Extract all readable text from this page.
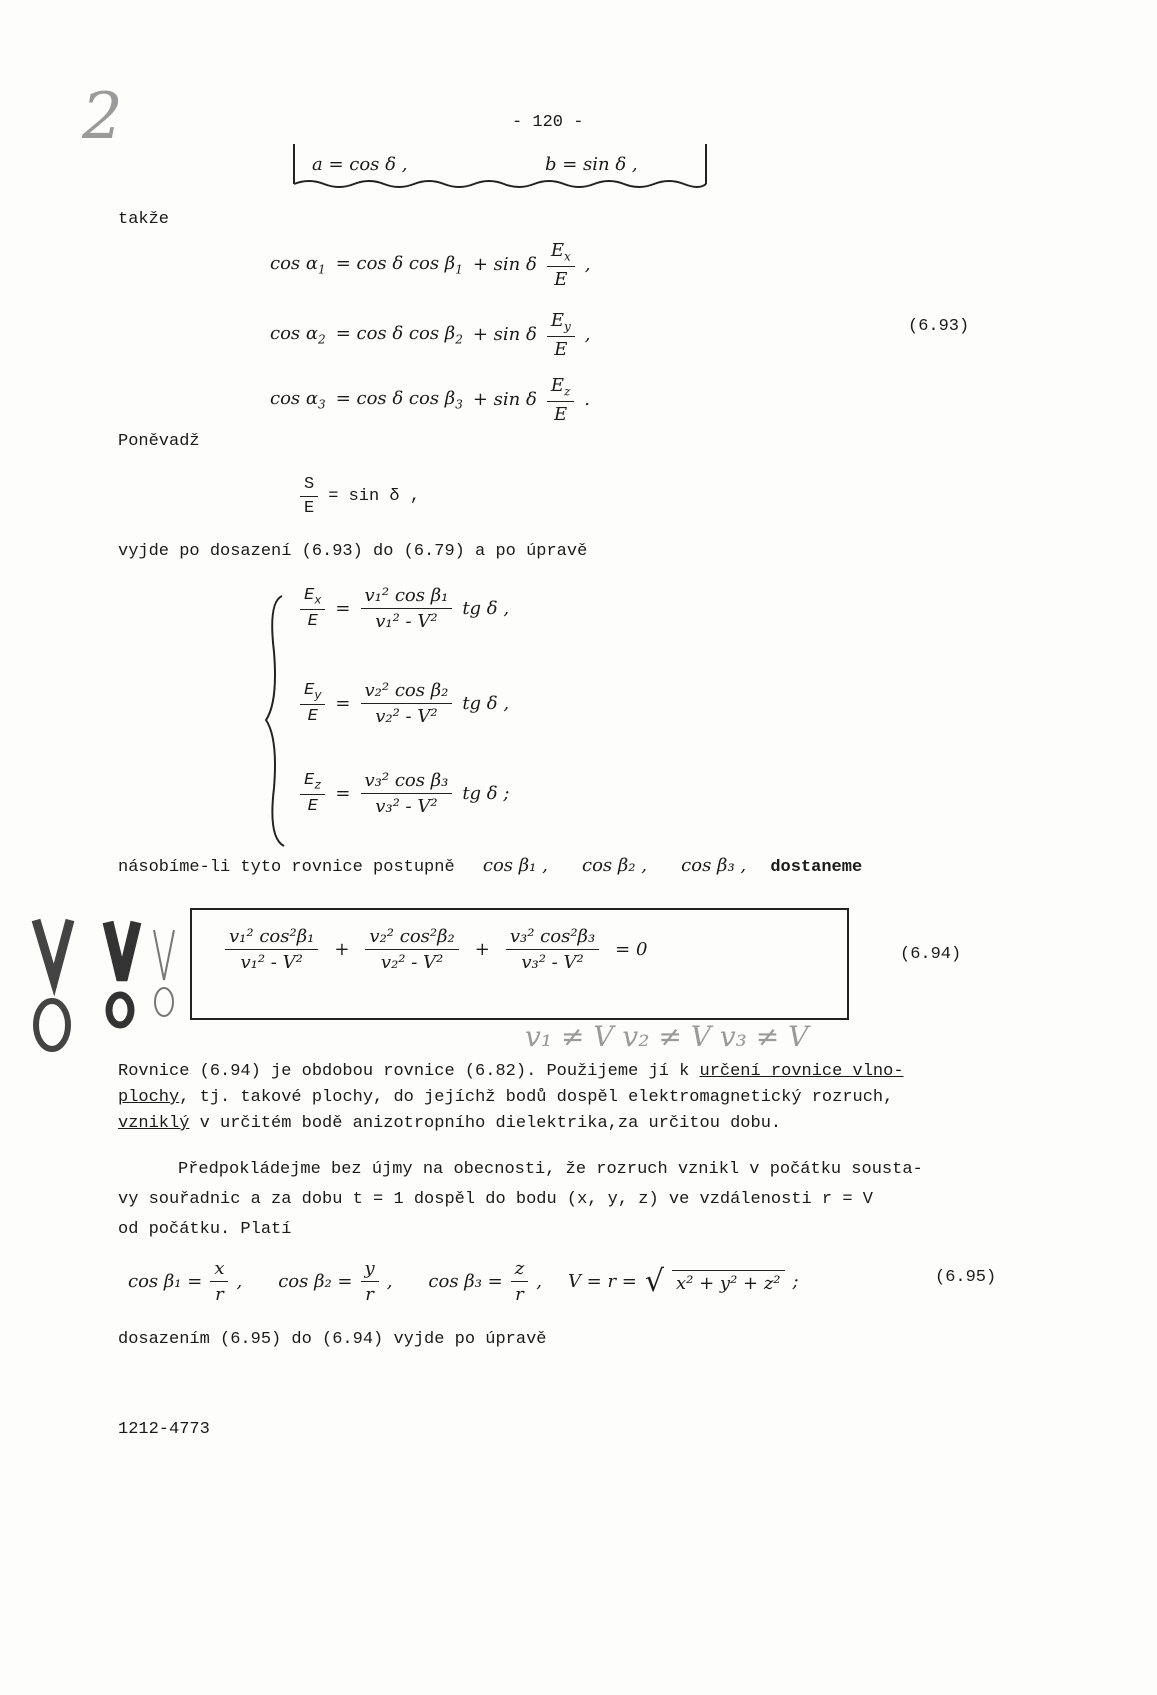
- 120 -
2
a = cos δ ,	b = sin δ ,
takže
$\cos \alpha_1 = \cos \delta$ $\cos \beta_1 + \sin \delta \frac{E_x}{E}$ ,
$\cos \alpha_2 = \cos \delta$ $\cos \beta_2 + \sin \delta \frac{E_y}{E}$ ,
$\cos \alpha_3 = \cos \delta$ $\cos \beta_3 + \sin \delta \frac{E_z}{E}$ .
(6.93)
Poněvadž
$\frac{S}{E} = \sin \delta$ ,
vyjde po dosazení (6.93) do (6.79) a po úpravě
$\frac{E_x}{E} = \frac{\text{v₁² cos β₁}}{\text{v₁² - V²}}$ tg δ ,
$\frac{E_y}{E} = \frac{\text{v₂² cos β₂}}{\text{v₂² - V²}}$ tg δ ,
$\frac{E_z}{E} = \frac{\text{v₃² cos β₃}}{\text{v₃² - V²}}$ tg δ ;
násobíme-li tyto rovnice postupně cos β₁ , cos β₂ , cos β₃ , dostaneme
$\frac{\text{v₁² cos²β₁}}{\text{v₁² - V²}} + \frac{\text{v₂² cos²β₂}}{\text{v₂² - V²}} + \frac{\text{v₃² cos²β₃}}{\text{v₃² - V²}} = 0$	(6.94)
v₁ ≠ V v₂ ≠ V v₃ ≠ V
Rovnice (6.94) je obdobou rovnice (6.82). Použijeme jí k určení rovnice vlno-
plochy, tj. takové plochy, do jejíchž bodů dospěl elektromagnetický rozruch,
vzniklý v určitém bodě anizotropního dielektrika,za určitou dobu.
Předpokládejme bez újmy na obecnosti, že rozruch vznikl v počátku sousta-
vy souřadnic a za dobu t = 1 dospěl do bodu (x, y, z) ve vzdálenosti r = V
od počátku. Platí
$\cos \beta_1 = \frac{x}{r}$ , $\cos \beta_2 = \frac{y}{r}$ , $\cos \beta_3 = \frac{z}{r}$ , V = r = √ x² + y² + z² ;	(6.95)
dosazením (6.95) do (6.94) vyjde po úpravě
1212-4773
